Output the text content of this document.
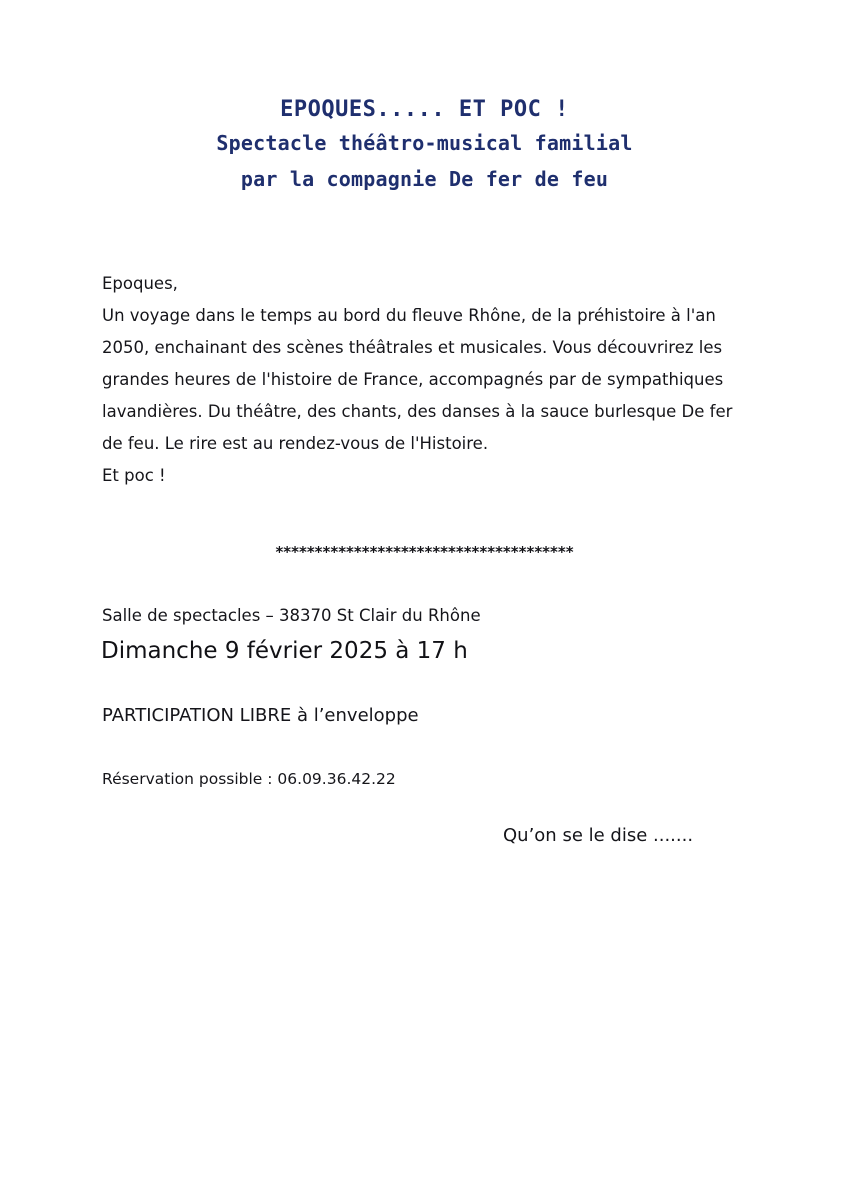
EPOQUES..... ET POC !
Spectacle théâtro-musical familial
par la compagnie De fer de feu
Epoques,
Un voyage dans le temps au bord du fleuve Rhône, de la préhistoire à l'an 2050, enchainant des scènes théâtrales et musicales. Vous découvrirez les grandes heures de l'histoire de France, accompagnés par de sympathiques lavandières. Du théâtre, des chants, des danses à la sauce burlesque De fer de feu. Le rire est au rendez-vous de l'Histoire.
Et poc !
**************************************
Salle de spectacles – 38370 St Clair du Rhône
Dimanche 9 février 2025 à 17 h
PARTICIPATION LIBRE à l’enveloppe
Réservation possible : 06.09.36.42.22
Qu’on se le dise .......
